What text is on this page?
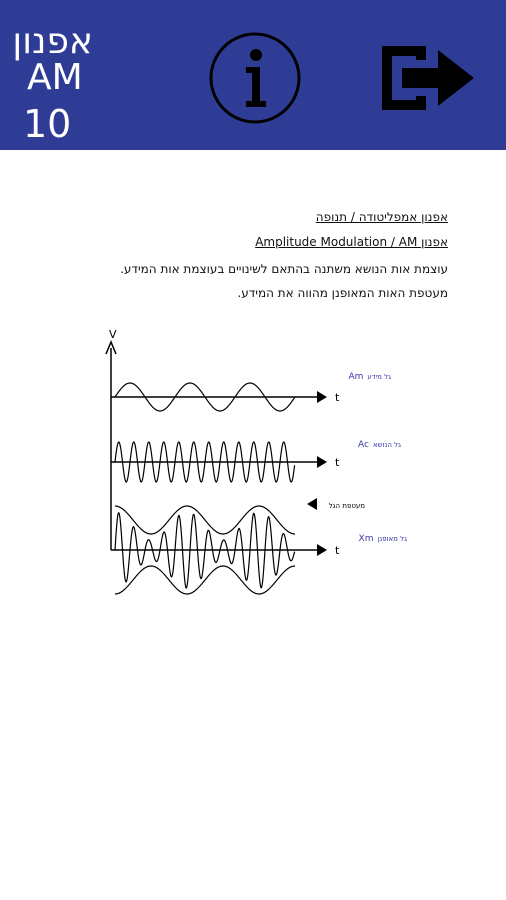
אפנון
AM
10
אפנון אמפליטודה / תנופה
Amplitude Modulation / AM אפנון
עוצמת אות הנושא משתנה בהתאם לשינויים בעוצמת אות המידע.
מעטפת האות המאופנן מהווה את המידע.
V
t
t
t
Am גל מידע
Ac גל הנושא
מעטפת הגל
Xm גל מאופנן
